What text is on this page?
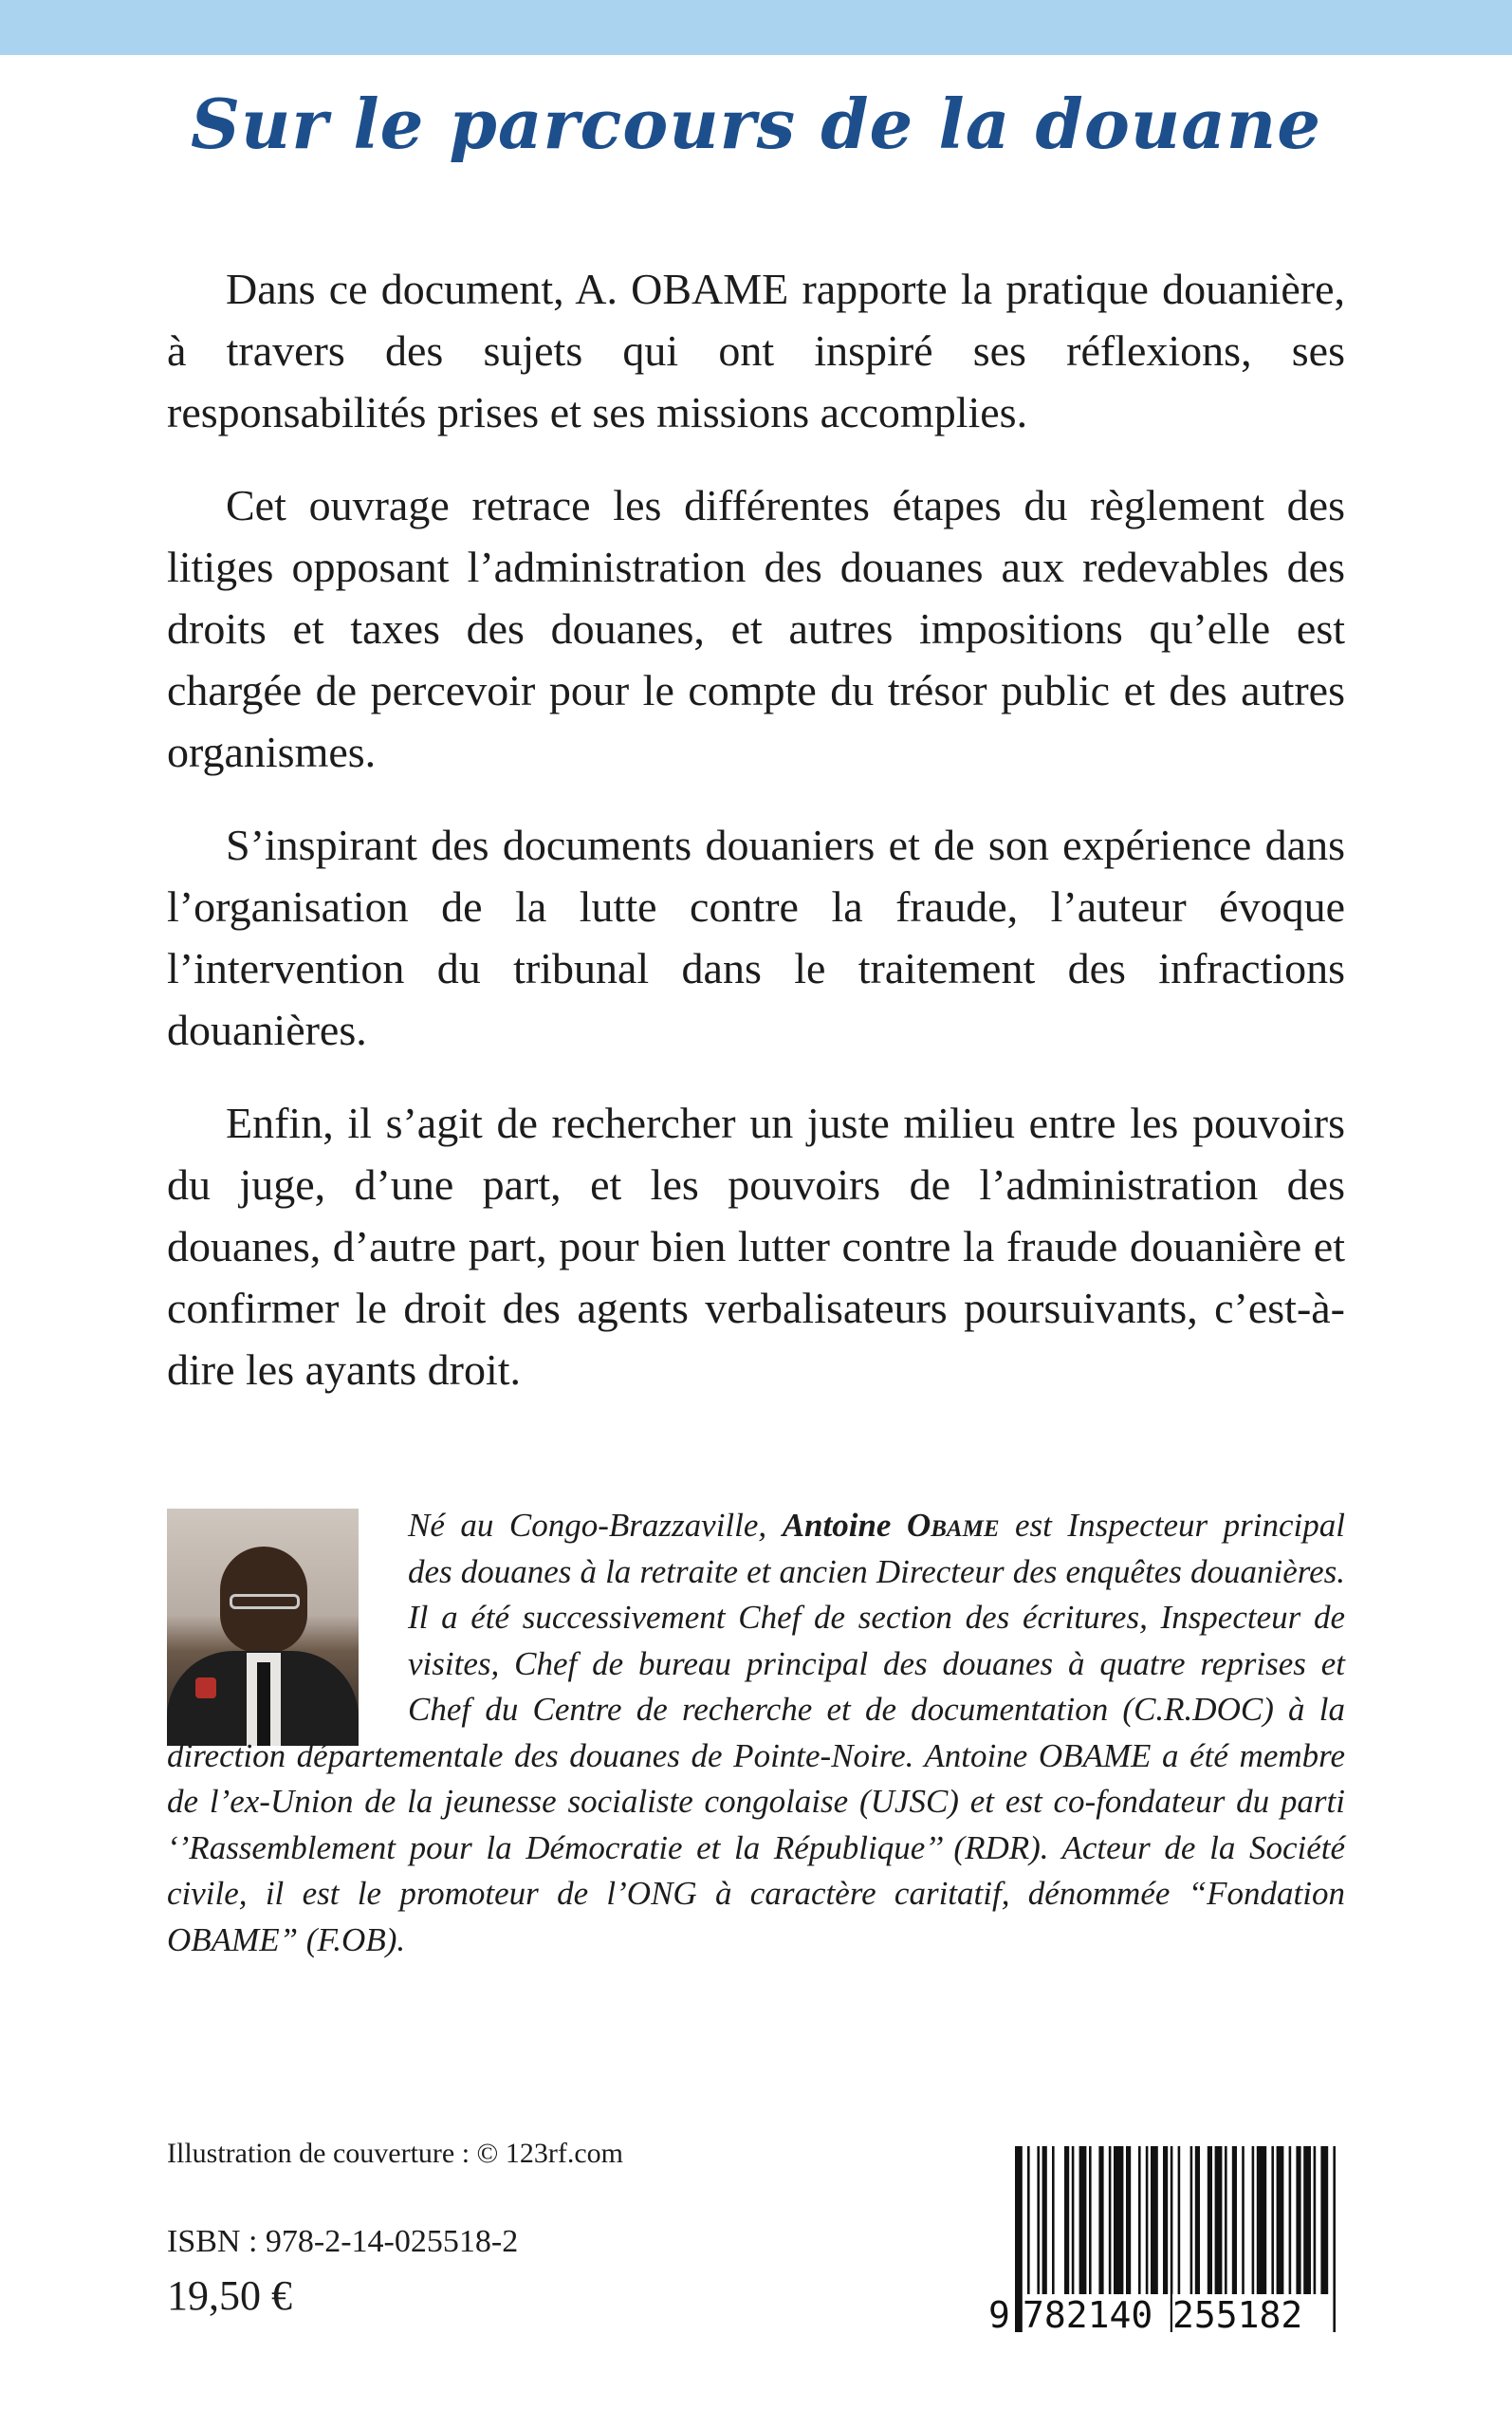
Sur le parcours de la douane

Dans ce document, A. OBAME rapporte la pratique douanière, à travers des sujets qui ont inspiré ses réflexions, ses responsabilités prises et ses missions accomplies.

Cet ouvrage retrace les différentes étapes du règlement des litiges opposant l’administration des douanes aux redevables des droits et taxes des douanes, et autres impositions qu’elle est chargée de percevoir pour le compte du trésor public et des autres organismes.

S’inspirant des documents douaniers et de son expérience dans l’organisation de la lutte contre la fraude, l’auteur évoque l’intervention du tribunal dans le traitement des infractions douanières.

Enfin, il s’agit de rechercher un juste milieu entre les pouvoirs du juge, d’une part, et les pouvoirs de l’administration des douanes, d’autre part, pour bien lutter contre la fraude douanière et confirmer le droit des agents verbalisateurs poursuivants, c’est-à-dire les ayants droit.

Né au Congo-Brazzaville, Antoine Obame est Inspecteur principal des douanes à la retraite et ancien Directeur des enquêtes douanières. Il a été successivement Chef de section des écritures, Inspecteur de visites, Chef de bureau principal des douanes à quatre reprises et Chef du Centre de recherche et de documentation (C.R.DOC) à la direction départementale des douanes de Pointe-Noire. Antoine OBAME a été membre de l’ex-Union de la jeunesse socialiste congolaise (UJSC) et est co-fondateur du parti ‘’Rassemblement pour la Démocratie et la République’’ (RDR). Acteur de la Société civile, il est le promoteur de l’ONG à caractère caritatif, dénommée “Fondation OBAME” (F.OB).

Illustration de couverture : © 123rf.com

ISBN : 978-2-14-025518-2

19,50 €	9 782140 255182
